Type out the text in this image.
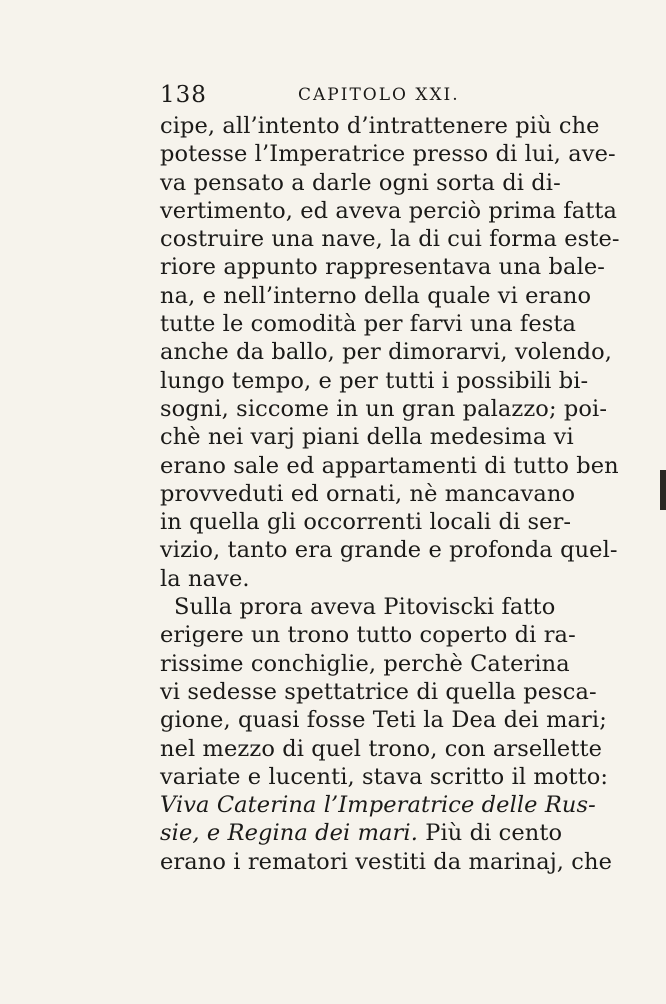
138	CAPITOLO XXI.
cipe, all’intento d’intrattenere più che
potesse l’Imperatrice presso di lui, ave-
va pensato a darle ogni sorta di di-
vertimento, ed aveva perciò prima fatta
costruire una nave, la di cui forma este-
riore appunto rappresentava una bale-
na, e nell’interno della quale vi erano
tutte le comodità per farvi una festa
anche da ballo, per dimorarvi, volendo,
lungo tempo, e per tutti i possibili bi-
sogni, siccome in un gran palazzo; poi-
chè nei varj piani della medesima vi
erano sale ed appartamenti di tutto ben
provveduti ed ornati, nè mancavano
in quella gli occorrenti locali di ser-
vizio, tanto era grande e profonda quel-
la nave.
Sulla prora aveva Pitoviscki fatto
erigere un trono tutto coperto di ra-
rissime conchiglie, perchè Caterina
vi sedesse spettatrice di quella pesca-
gione, quasi fosse Teti la Dea dei mari;
nel mezzo di quel trono, con arsellette
variate e lucenti, stava scritto il motto:
Viva Caterina l’Imperatrice delle Rus-
sie, e Regina dei mari. Più di cento
erano i rematori vestiti da marinaj, che
